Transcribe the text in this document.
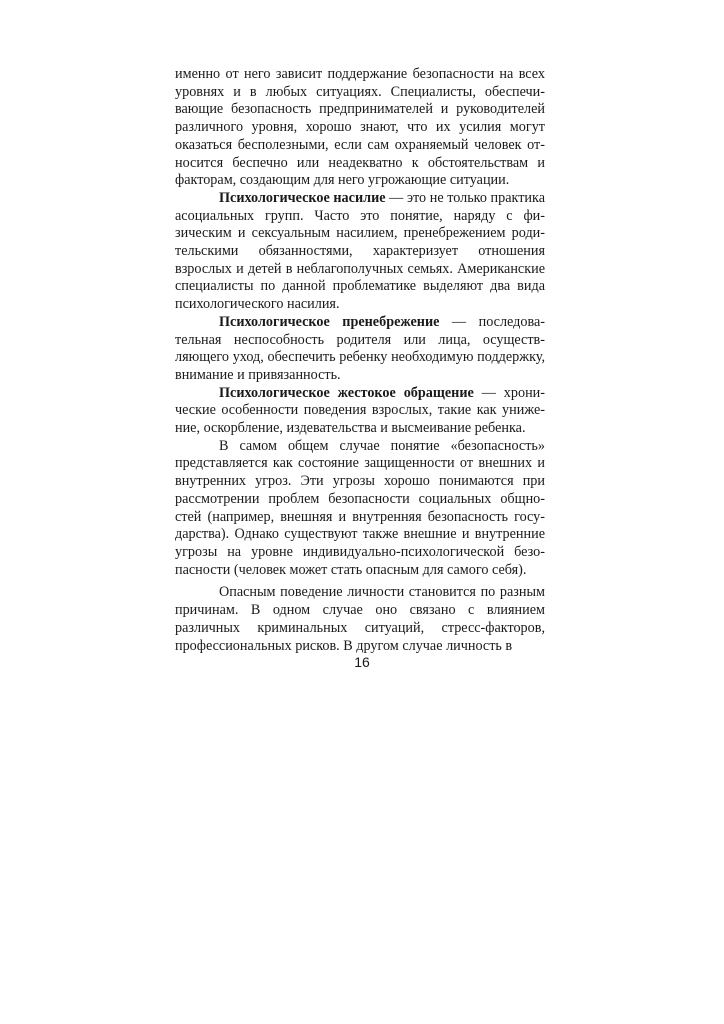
именно от него зависит поддержание безопасности на всех уровнях и в любых ситуациях. Специалисты, обеспечивающие безопасность предпринимателей и руководителей различного уровня, хорошо знают, что их усилия могут оказаться бесполезными, если сам охраняемый человек относится беспечно или неадекватно к обстоятельствам и факторам, создающим для него угрожающие ситуации.

Психологическое насилие — это не только практика асоциальных групп. Часто это понятие, наряду с физическим и сексуальным насилием, пренебрежением родительскими обязанностями, характеризует отношения взрослых и детей в неблагополучных семьях. Американские специалисты по данной проблематике выделяют два вида психологического насилия.

Психологическое пренебрежение — последовательная неспособность родителя или лица, осуществляющего уход, обеспечить ребенку необходимую поддержку, внимание и привязанность.

Психологическое жестокое обращение — хронические особенности поведения взрослых, такие как унижение, оскорбление, издевательства и высмеивание ребенка.

В самом общем случае понятие «безопасность» представляется как состояние защищенности от внешних и внутренних угроз. Эти угрозы хорошо понимаются при рассмотрении проблем безопасности социальных общностей (например, внешняя и внутренняя безопасность государства). Однако существуют также внешние и внутренние угрозы на уровне индивидуально-психологической безопасности (человек может стать опасным для самого себя).

Опасным поведение личности становится по разным причинам. В одном случае оно связано с влиянием различных криминальных ситуаций, стресс-факторов, профессиональных рисков. В другом случае личность в

16
